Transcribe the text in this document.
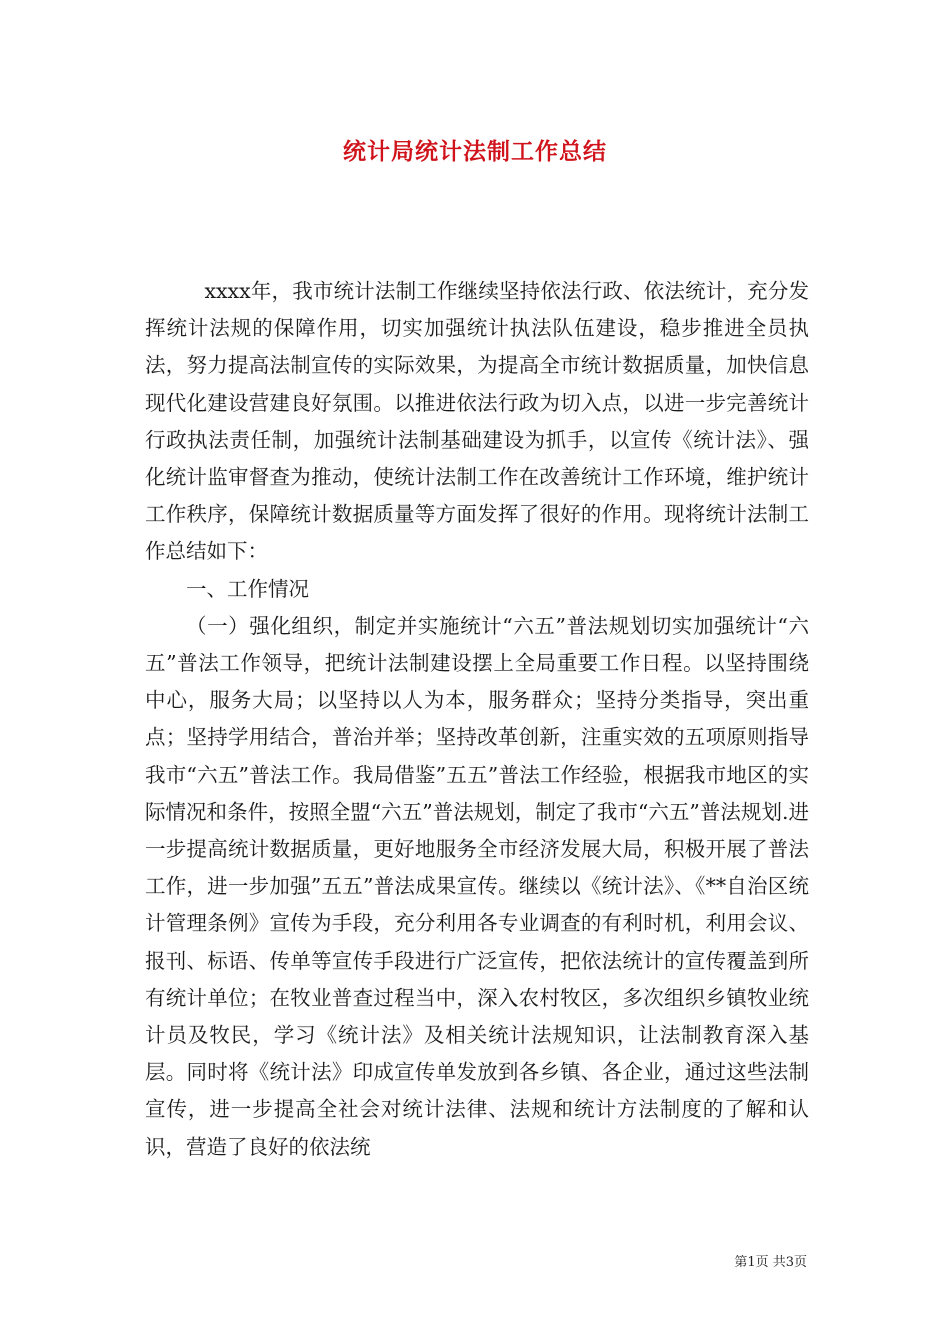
统计局统计法制工作总结

xxxx年，我市统计法制工作继续坚持依法行政、依法统计，充分发挥统计法规的保障作用，切实加强统计执法队伍建设，稳步推进全员执法，努力提高法制宣传的实际效果，为提高全市统计数据质量，加快信息现代化建设营建良好氛围。以推进依法行政为切入点，以进一步完善统计行政执法责任制，加强统计法制基础建设为抓手，以宣传《统计法》、强化统计监审督查为推动，使统计法制工作在改善统计工作环境，维护统计工作秩序，保障统计数据质量等方面发挥了很好的作用。现将统计法制工作总结如下：

一、工作情况

（一）强化组织，制定并实施统计“六五”普法规划切实加强统计“六五”普法工作领导，把统计法制建设摆上全局重要工作日程。以坚持围绕中心，服务大局；以坚持以人为本，服务群众；坚持分类指导，突出重点；坚持学用结合，普治并举；坚持改革创新，注重实效的五项原则指导我市“六五”普法工作。我局借鉴”五五”普法工作经验，根据我市地区的实际情况和条件，按照全盟“六五”普法规划，制定了我市“六五”普法规划.进一步提高统计数据质量，更好地服务全市经济发展大局，积极开展了普法工作，进一步加强”五五”普法成果宣传。继续以《统计法》、《**自治区统计管理条例》宣传为手段，充分利用各专业调查的有利时机，利用会议、报刊、标语、传单等宣传手段进行广泛宣传，把依法统计的宣传覆盖到所有统计单位；在牧业普查过程当中，深入农村牧区，多次组织乡镇牧业统计员及牧民，学习《统计法》及相关统计法规知识，让法制教育深入基层。同时将《统计法》印成宣传单发放到各乡镇、各企业，通过这些法制宣传，进一步提高全社会对统计法律、法规和统计方法制度的了解和认识，营造了良好的依法统

第1页 共3页
